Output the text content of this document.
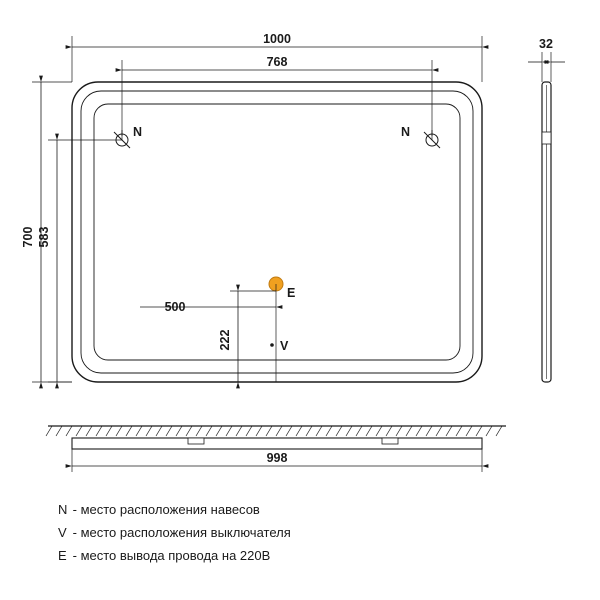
1000
768
700 583
500
222
32
998
N	N
E
V
N - место расположения навесов
V - место расположения выключателя
E - место вывода провода на 220В
